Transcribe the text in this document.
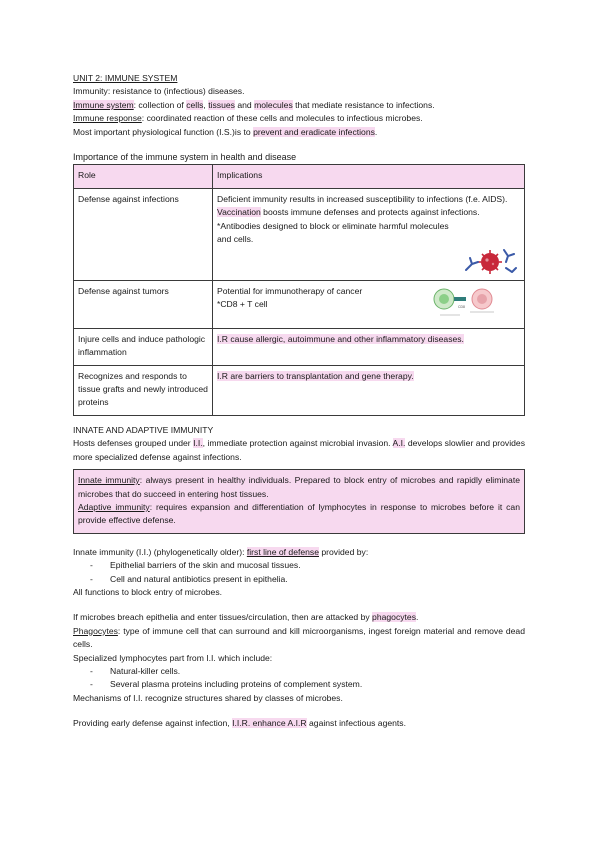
UNIT 2: IMMUNE SYSTEM

Immunity: resistance to (infectious) diseases.

Immune system: collection of cells, tissues and molecules that mediate resistance to infections.

Immune response: coordinated reaction of these cells and molecules to infectious microbes.

Most important physiological function (I.S.)is to prevent and eradicate infections.

Importance of the immune system in health and disease

Role	Implications
Defense against infections	Deficient immunity results in increased susceptibility to infections (f.e. AIDS).
Vaccination boosts immune defenses and protects against infections.
*Antibodies designed to block or eliminate harmful molecules and cells.

Defense against tumors	Potential for immunotherapy of cancer
*CD8 + T cell CD8

Injure cells and induce pathologic inflammation	I.R cause allergic, autoimmune and other inflammatory diseases.
Recognizes and responds to tissue grafts and newly introduced proteins	I.R are barriers to transplantation and gene therapy.

INNATE AND ADAPTIVE IMMUNITY

Hosts defenses grouped under I.I., immediate protection against microbial invasion. A.I. develops slowlier and provides more specialized defense against infections.

Innate immunity: always present in healthy individuals. Prepared to block entry of microbes and rapidly eliminate microbes that do succeed in entering host tissues.
Adaptive immunity: requires expansion and differentiation of lymphocytes in response to microbes before it can provide effective defense.

Innate immunity (I.I.) (phylogenetically older): first line of defense provided by:

- Epithelial barriers of the skin and mucosal tissues.
- Cell and natural antibiotics present in epithelia.

All functions to block entry of microbes.

If microbes breach epithelia and enter tissues/circulation, then are attacked by phagocytes.

Phagocytes: type of immune cell that can surround and kill microorganisms, ingest foreign material and remove dead cells.

Specialized lymphocytes part from I.I. which include:

- Natural-killer cells.
- Several plasma proteins including proteins of complement system.

Mechanisms of I.I. recognize structures shared by classes of microbes.

Providing early defense against infection, I.I.R. enhance A.I.R against infectious agents.
